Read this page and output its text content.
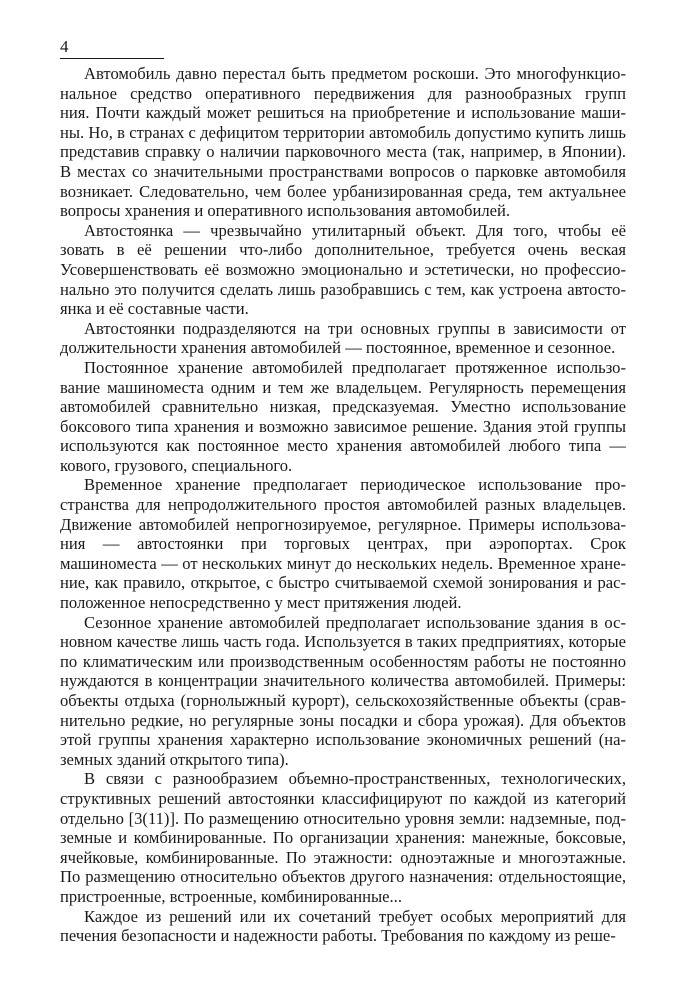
4
Автомобиль давно перестал быть предметом роскоши. Это многофункцио-
нальное средство оперативного передвижения для разнообразных групп
ния. Почти каждый может решиться на приобретение и использование маши-
ны. Но, в странах с дефицитом территории автомобиль допустимо купить лишь
представив справку о наличии парковочного места (так, например, в Японии).
В местах со значительными пространствами вопросов о парковке автомобиля
возникает. Следовательно, чем более урбанизированная среда, тем актуальнее
вопросы хранения и оперативного использования автомобилей.
Автостоянка — чрезвычайно утилитарный объект. Для того, чтобы её
зовать в её решении что-либо дополнительное, требуется очень веская
Усовершенствовать её возможно эмоционально и эстетически, но профессио-
нально это получится сделать лишь разобравшись с тем, как устроена автосто-
янка и её составные части.
Автостоянки подразделяются на три основных группы в зависимости от
должительности хранения автомобилей — постоянное, временное и сезонное.
Постоянное хранение автомобилей предполагает протяженное использо-
вание машиноместа одним и тем же владельцем. Регулярность перемещения
автомобилей сравнительно низкая, предсказуемая. Уместно использование
боксового типа хранения и возможно зависимое решение. Здания этой группы
используются как постоянное место хранения автомобилей любого типа —
кового, грузового, специального.
Временное хранение предполагает периодическое использование про-
странства для непродолжительного простоя автомобилей разных владельцев.
Движение автомобилей непрогнозируемое, регулярное. Примеры использова-
ния — автостоянки при торговых центрах, при аэропортах. Срок
машиноместа — от нескольких минут до нескольких недель. Временное хране-
ние, как правило, открытое, с быстро считываемой схемой зонирования и рас-
положенное непосредственно у мест притяжения людей.
Сезонное хранение автомобилей предполагает использование здания в ос-
новном качестве лишь часть года. Используется в таких предприятиях, которые
по климатическим или производственным особенностям работы не постоянно
нуждаются в концентрации значительного количества автомобилей. Примеры:
объекты отдыха (горнолыжный курорт), сельскохозяйственные объекты (срав-
нительно редкие, но регулярные зоны посадки и сбора урожая). Для объектов
этой группы хранения характерно использование экономичных решений (на-
земных зданий открытого типа).
В связи с разнообразием объемно-пространственных, технологических,
структивных решений автостоянки классифицируют по каждой из категорий
отдельно [3(11)]. По размещению относительно уровня земли: надземные, под-
земные и комбинированные. По организации хранения: манежные, боксовые,
ячейковые, комбинированные. По этажности: одноэтажные и многоэтажные.
По размещению относительно объектов другого назначения: отдельностоящие,
пристроенные, встроенные, комбинированные...
Каждое из решений или их сочетаний требует особых мероприятий для
печения безопасности и надежности работы. Требования по каждому из реше-
